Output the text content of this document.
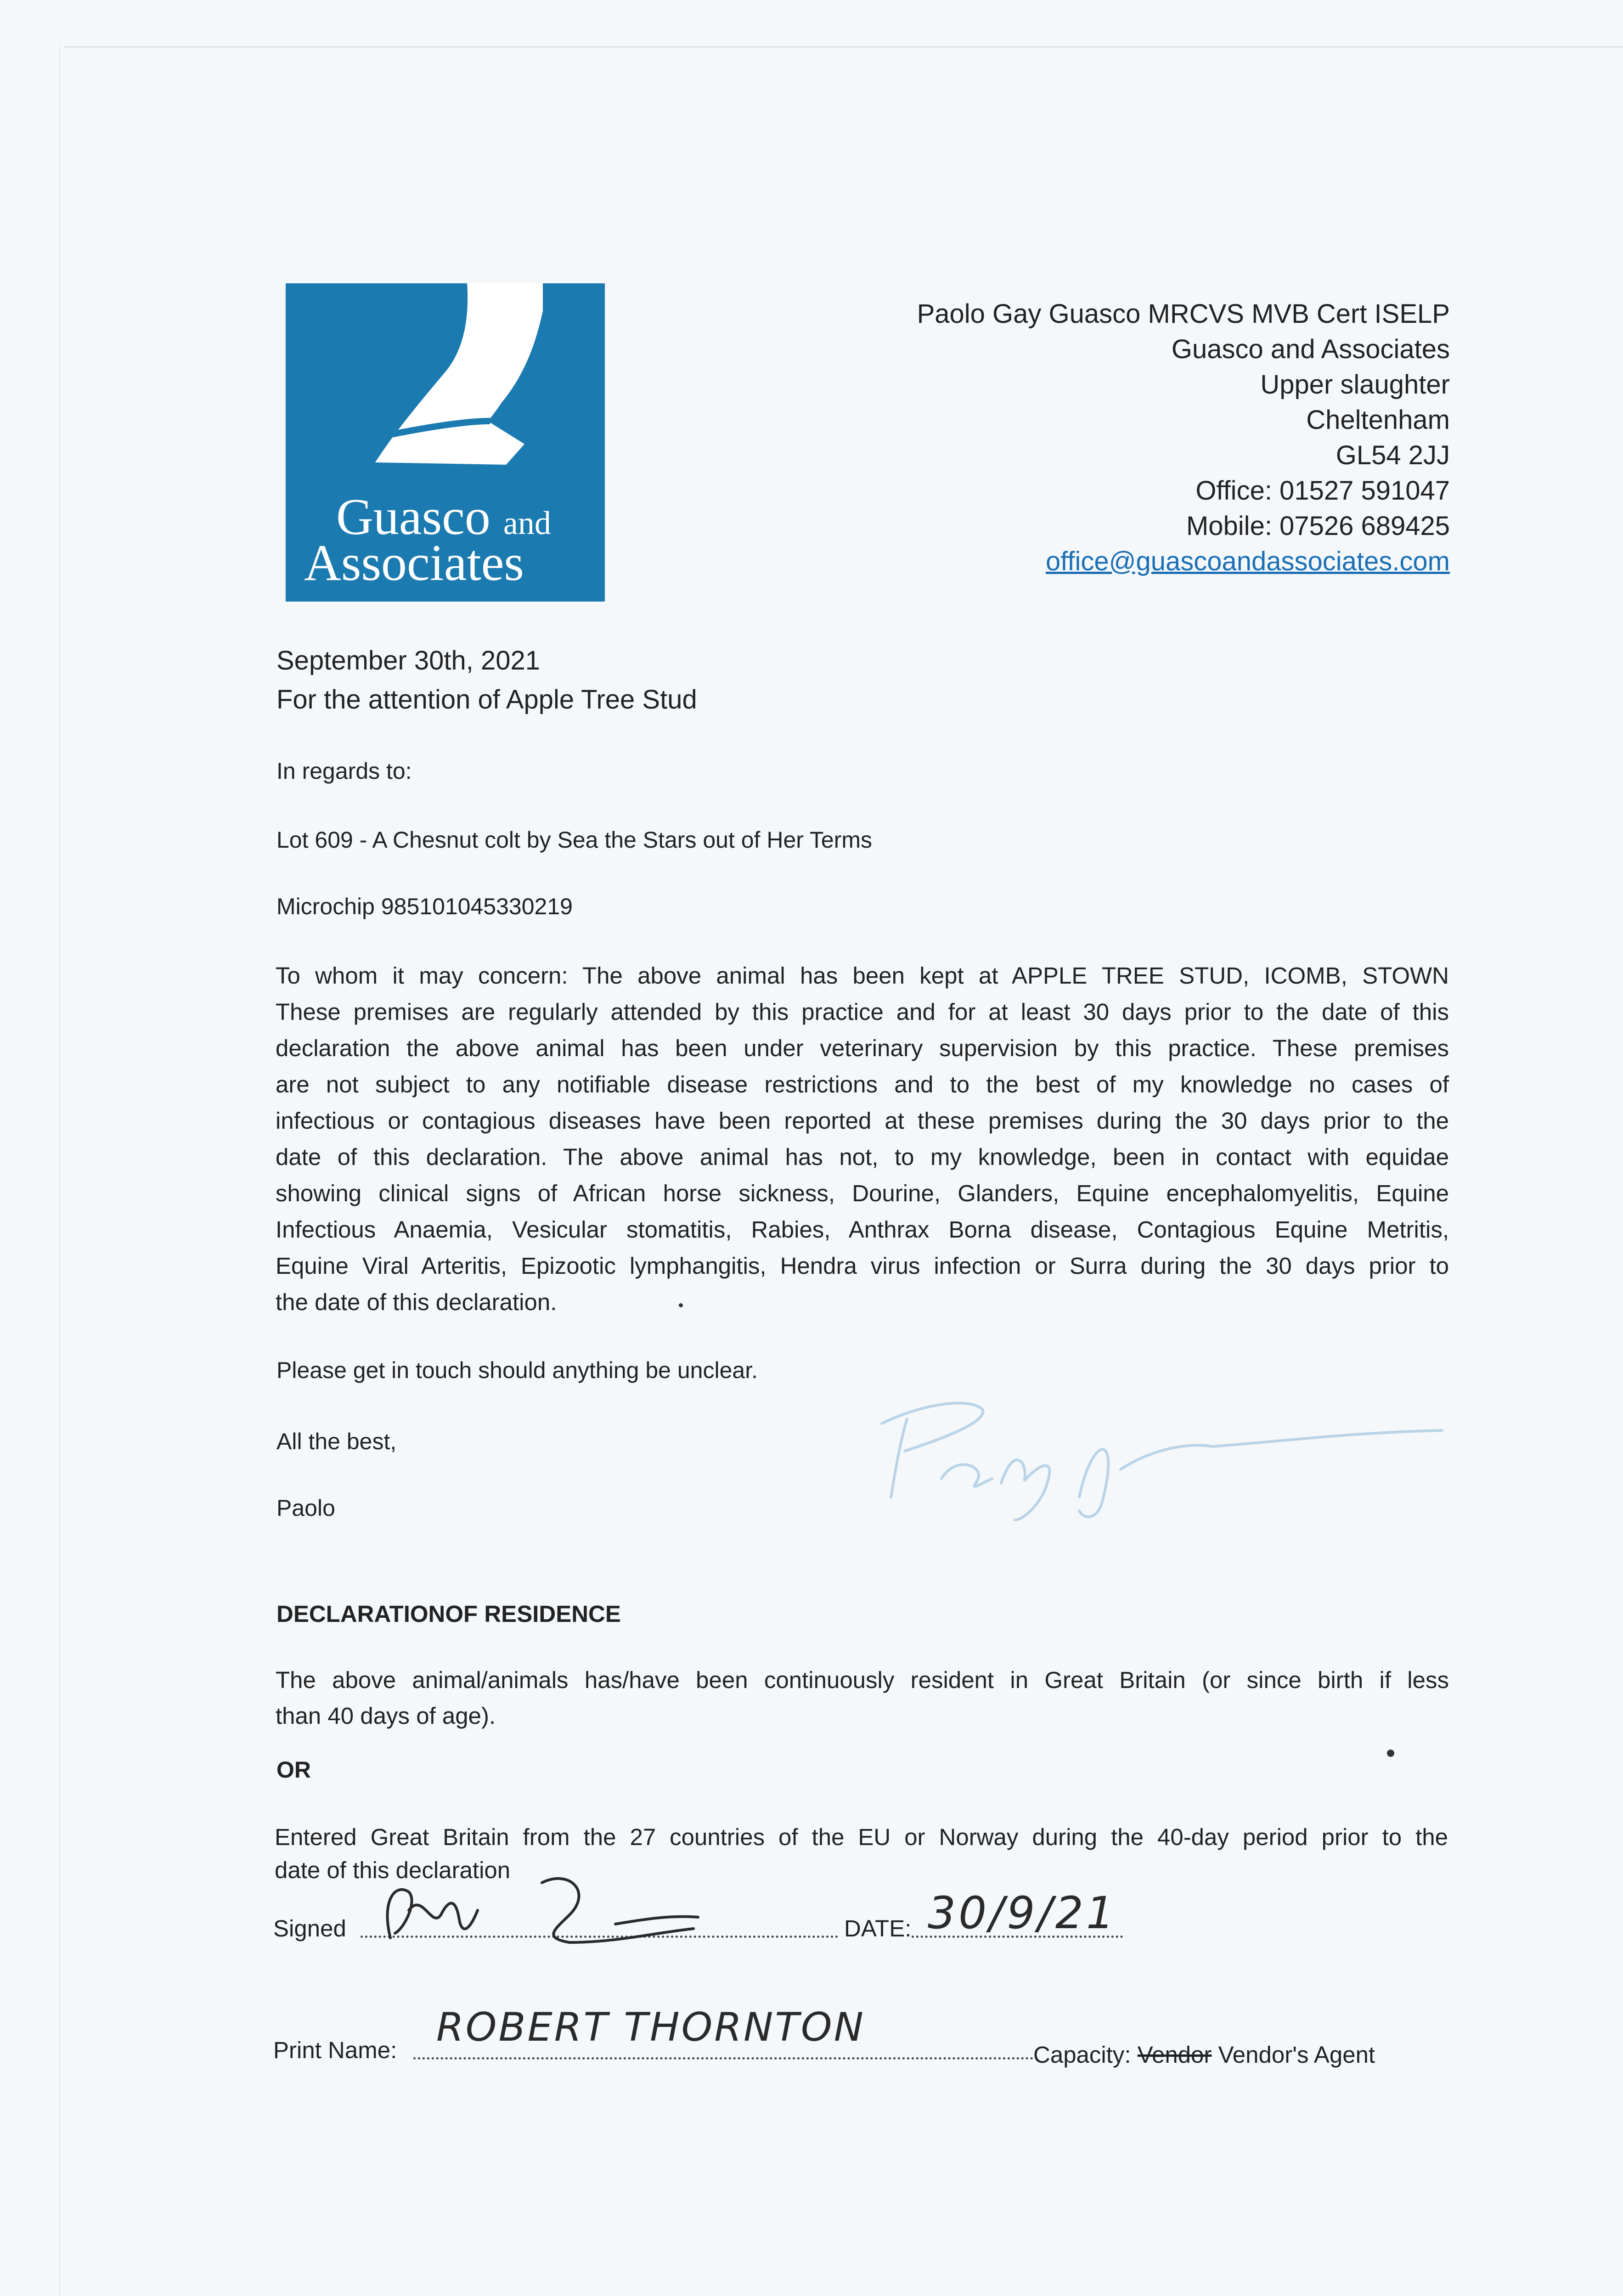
Guasco and
Associates
Paolo Gay Guasco MRCVS MVB Cert ISELP
Guasco and Associates
Upper slaughter
Cheltenham
GL54 2JJ
Office: 01527 591047
Mobile: 07526 689425
office@guascoandassociates.com
September 30th, 2021
For the attention of Apple Tree Stud
In regards to:
Lot 609 - A Chesnut colt by Sea the Stars out of Her Terms
Microchip 985101045330219
To whom it may concern: The above animal has been kept at APPLE TREE STUD, ICOMB, STOWN
These premises are regularly attended by this practice and for at least 30 days prior to the date of this
declaration the above animal has been under veterinary supervision by this practice. These premises
are not subject to any notifiable disease restrictions and to the best of my knowledge no cases of
infectious or contagious diseases have been reported at these premises during the 30 days prior to the
date of this declaration. The above animal has not, to my knowledge, been in contact with equidae
showing clinical signs of African horse sickness, Dourine, Glanders, Equine encephalomyelitis, Equine
Infectious Anaemia, Vesicular stomatitis, Rabies, Anthrax Borna disease, Contagious Equine Metritis,
Equine Viral Arteritis, Epizootic lymphangitis, Hendra virus infection or Surra during the 30 days prior to
the date of this declaration.
Please get in touch should anything be unclear.
All the best,
Paolo
DECLARATIONOF RESIDENCE
The above animal/animals has/have been continuously resident in Great Britain (or since birth if less
than 40 days of age).
OR
Entered Great Britain from the 27 countries of the EU or Norway during the 40-day period prior to the
date of this declaration
Signed	DATE: 30/9/21
Print Name: ROBERT THORNTON
Capacity: Vendor Vendor's Agent
